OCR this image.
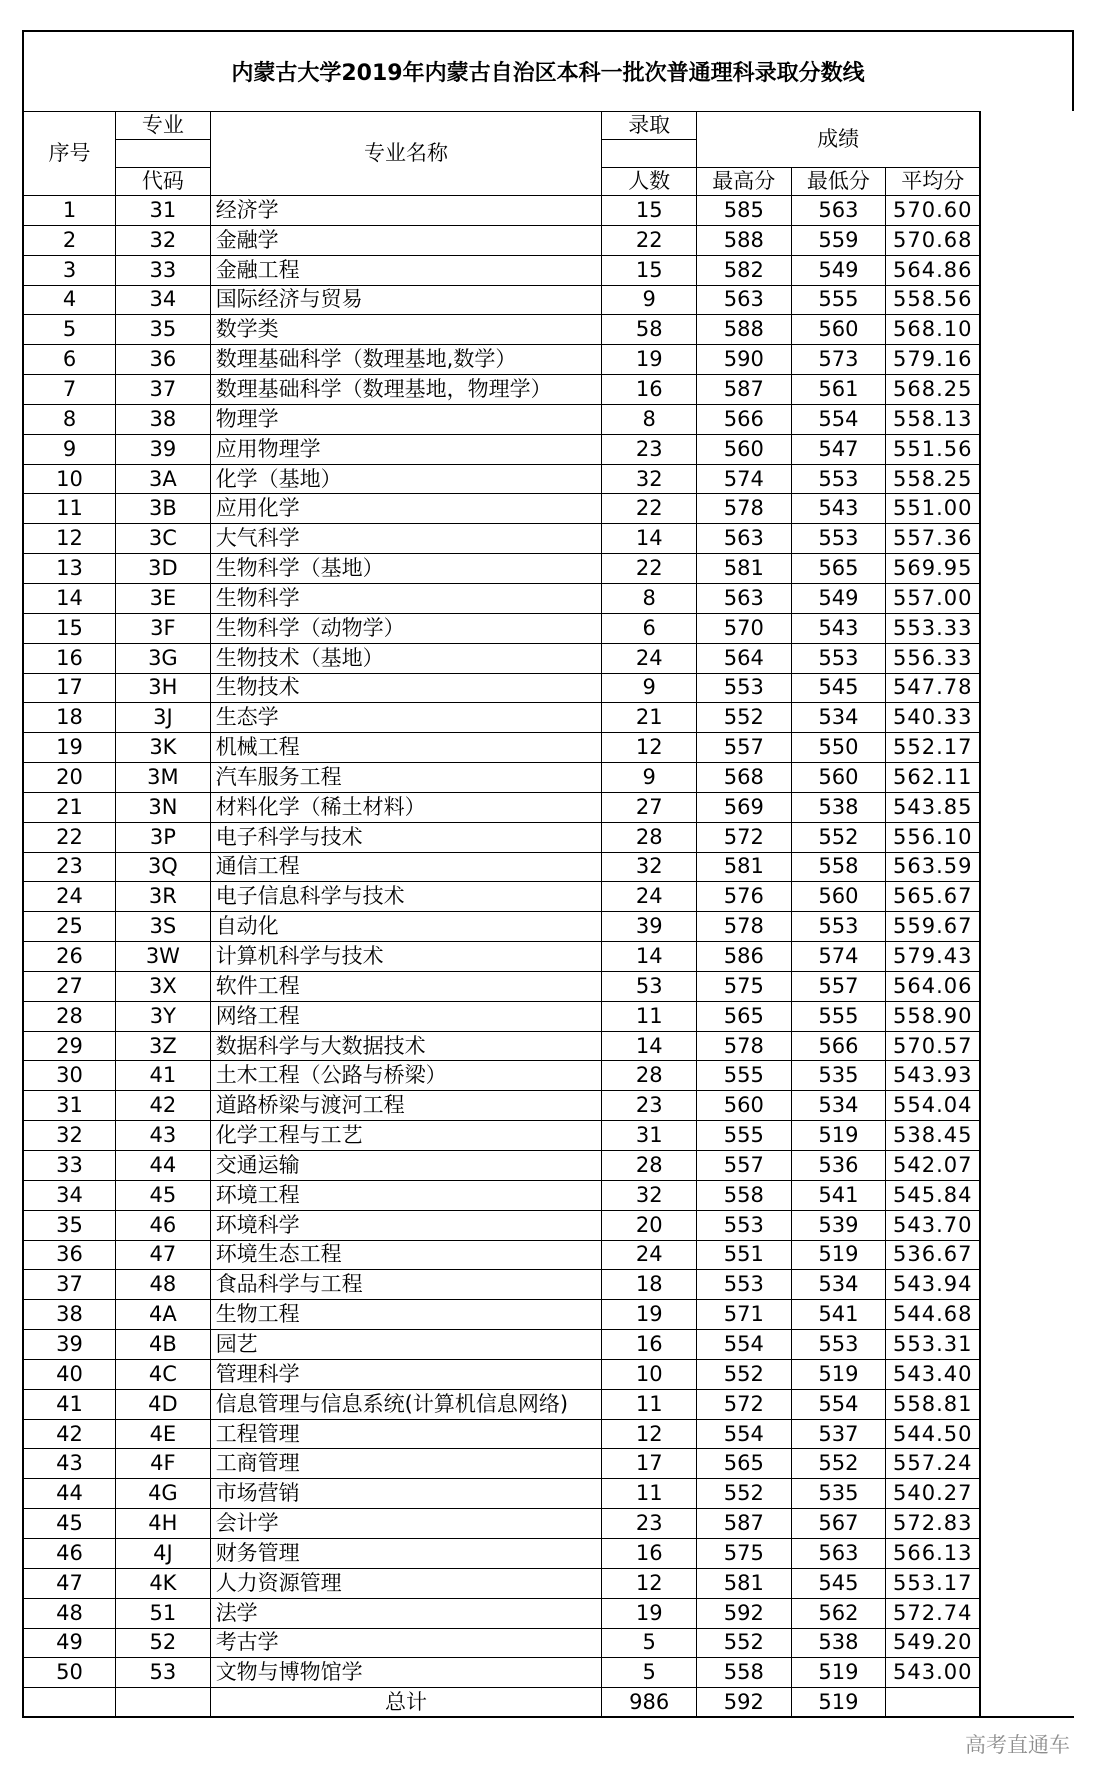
内蒙古大学2019年内蒙古自治区本科一批次普通理科录取分数线
序号	专业	专业名称	录取	成绩		

	代码		人数	最高分	最低分	平均分
1	31	经济学	15	585	563	570.60
2	32	金融学	22	588	559	570.68
3	33	金融工程	15	582	549	564.86
4	34	国际经济与贸易	9	563	555	558.56
5	35	数学类	58	588	560	568.10
6	36	数理基础科学（数理基地,数学）	19	590	573	579.16
7	37	数理基础科学（数理基地，物理学）	16	587	561	568.25
8	38	物理学	8	566	554	558.13
9	39	应用物理学	23	560	547	551.56
10	3A	化学（基地）	32	574	553	558.25
11	3B	应用化学	22	578	543	551.00
12	3C	大气科学	14	563	553	557.36
13	3D	生物科学（基地）	22	581	565	569.95
14	3E	生物科学	8	563	549	557.00
15	3F	生物科学（动物学）	6	570	543	553.33
16	3G	生物技术（基地）	24	564	553	556.33
17	3H	生物技术	9	553	545	547.78
18	3J	生态学	21	552	534	540.33
19	3K	机械工程	12	557	550	552.17
20	3M	汽车服务工程	9	568	560	562.11
21	3N	材料化学（稀土材料）	27	569	538	543.85
22	3P	电子科学与技术	28	572	552	556.10
23	3Q	通信工程	32	581	558	563.59
24	3R	电子信息科学与技术	24	576	560	565.67
25	3S	自动化	39	578	553	559.67
26	3W	计算机科学与技术	14	586	574	579.43
27	3X	软件工程	53	575	557	564.06
28	3Y	网络工程	11	565	555	558.90
29	3Z	数据科学与大数据技术	14	578	566	570.57
30	41	土木工程（公路与桥梁）	28	555	535	543.93
31	42	道路桥梁与渡河工程	23	560	534	554.04
32	43	化学工程与工艺	31	555	519	538.45
33	44	交通运输	28	557	536	542.07
34	45	环境工程	32	558	541	545.84
35	46	环境科学	20	553	539	543.70
36	47	环境生态工程	24	551	519	536.67
37	48	食品科学与工程	18	553	534	543.94
38	4A	生物工程	19	571	541	544.68
39	4B	园艺	16	554	553	553.31
40	4C	管理科学	10	552	519	543.40
41	4D	信息管理与信息系统(计算机信息网络)	11	572	554	558.81
42	4E	工程管理	12	554	537	544.50
43	4F	工商管理	17	565	552	557.24
44	4G	市场营销	11	552	535	540.27
45	4H	会计学	23	587	567	572.83
46	4J	财务管理	16	575	563	566.13
47	4K	人力资源管理	12	581	545	553.17
48	51	法学	19	592	562	572.74
49	52	考古学	5	552	538	549.20
50	53	文物与博物馆学	5	558	519	543.00
		总计	986	592	519	
高考直通车
